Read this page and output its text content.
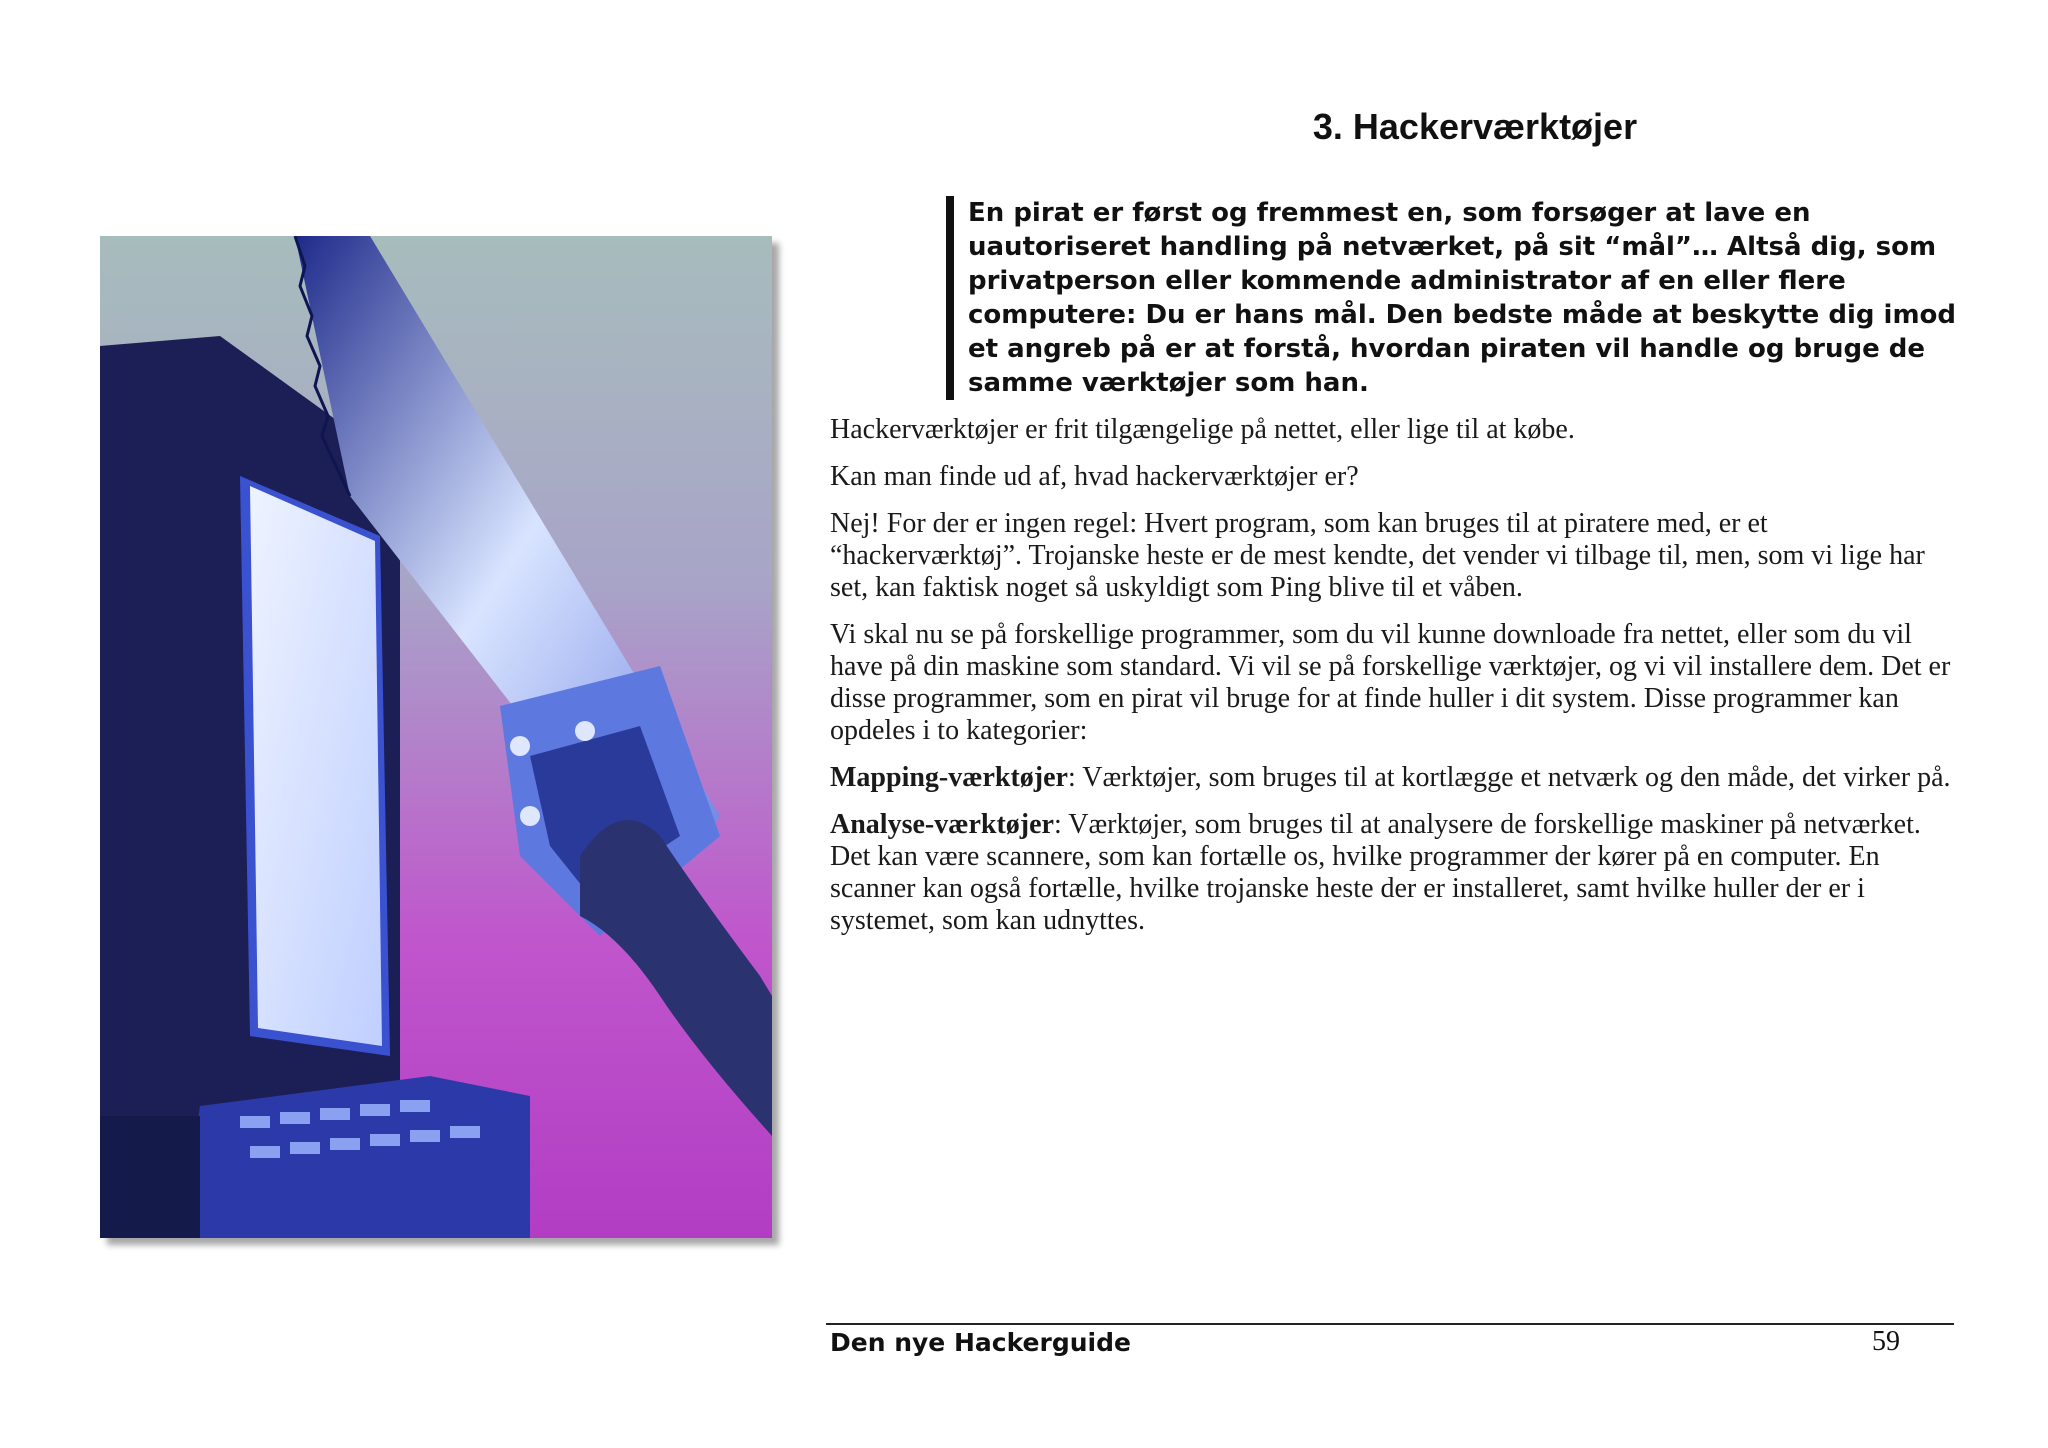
3. Hackerværktøjer
En pirat er først og fremmest en, som forsøger at lave en uautoriseret handling på netværket, på sit “mål”… Altså dig, som privatperson eller kommende administrator af en eller flere computere: Du er hans mål. Den bedste måde at beskytte dig imod et angreb på er at forstå, hvordan piraten vil handle og bruge de samme værktøjer som han.

Hackerværktøjer er frit tilgængelige på nettet, eller lige til at købe.

Kan man finde ud af, hvad hackerværktøjer er?

Nej! For der er ingen regel: Hvert program, som kan bruges til at piratere med, er et “hackerværktøj”. Trojanske heste er de mest kendte, det vender vi tilbage til, men, som vi lige har set, kan faktisk noget så uskyldigt som Ping blive til et våben.

Vi skal nu se på forskellige programmer, som du vil kunne downloade fra nettet, eller som du vil have på din maskine som standard. Vi vil se på forskellige værktøjer, og vi vil installere dem. Det er disse programmer, som en pirat vil bruge for at finde huller i dit system. Disse programmer kan opdeles i to kategorier:

Mapping-værktøjer: Værktøjer, som bruges til at kortlægge et netværk og den måde, det virker på.

Analyse-værktøjer: Værktøjer, som bruges til at analysere de forskellige maskiner på netværket. Det kan være scannere, som kan fortælle os, hvilke programmer der kører på en computer. En scanner kan også fortælle, hvilke trojanske heste der er installeret, samt hvilke huller der er i systemet, som kan udnyttes.

Den nye Hackerguide	59
